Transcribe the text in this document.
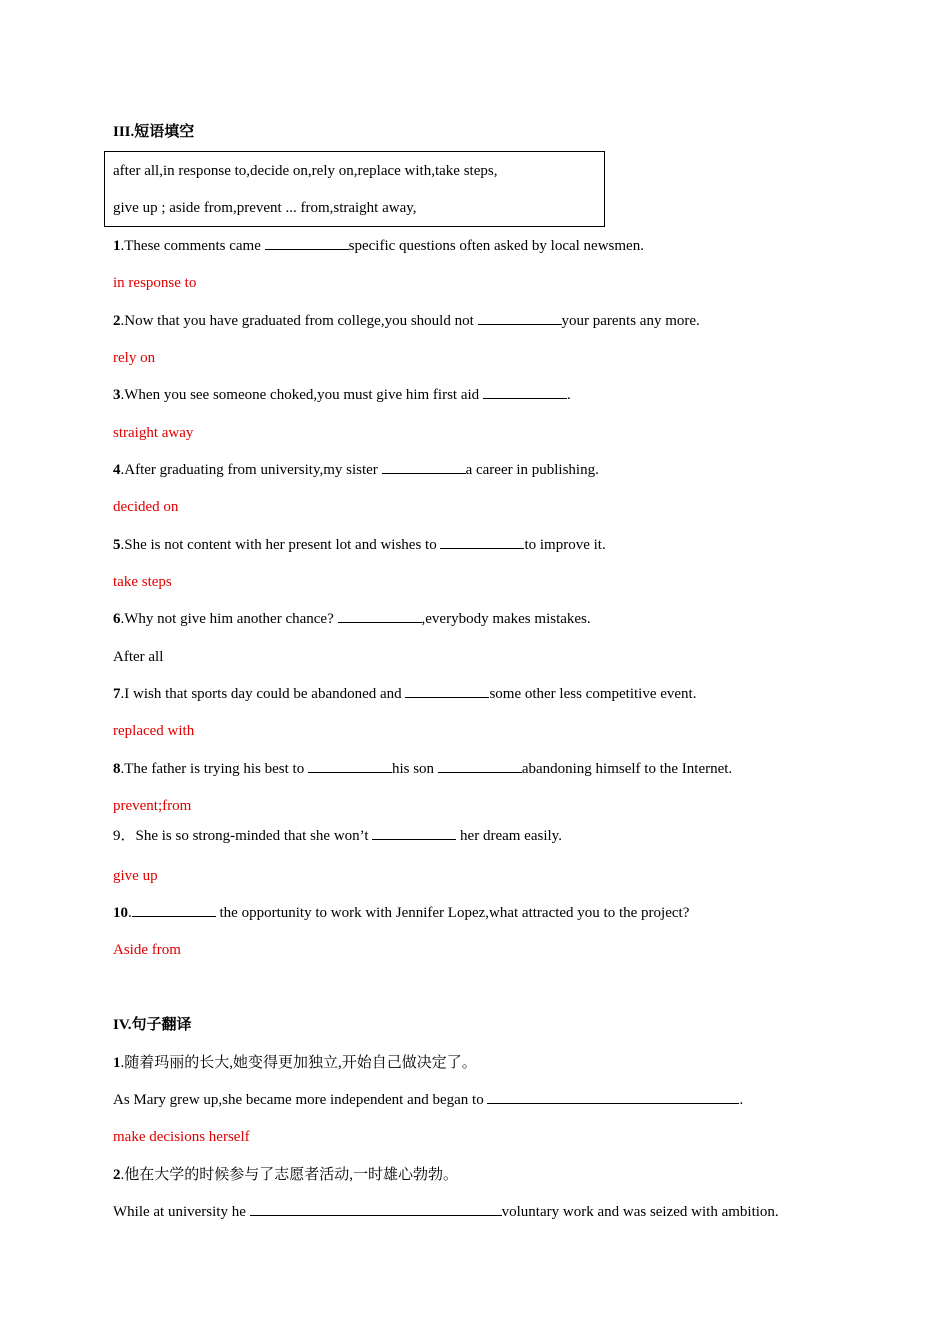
III.短语填空
after all,in response to,decide on,rely on,replace with,take steps,
give up ; aside from,prevent ... from,straight away,
1.These comments came	specific questions often asked by local newsmen.
in response to
2.Now that you have graduated from college,you should not	your parents any more.
rely on
3.When you see someone choked,you must give him first aid	.
straight away
4.After graduating from university,my sister	a career in publishing.
decided on
5.She is not content with her present lot and wishes to	to improve it.
take steps
6.Why not give him another chance?	,everybody makes mistakes.
After all
7.I wish that sports day could be abandoned and	some other less competitive event.
replaced with
8.The father is trying his best to	his son	abandoning himself to the Internet.
prevent;from
9．She is so strong-minded that she won’t	her dream easily.
give up
10.	the opportunity to work with Jennifer Lopez,what attracted you to the project?
Aside from
IV.句子翻译
1.随着玛丽的长大,她变得更加独立,开始自己做决定了。
As Mary grew up,she became more independent and began to	.
make decisions herself
2.他在大学的时候参与了志愿者活动,一时雄心勃勃。
While at university he	voluntary work and was seized with ambition.
